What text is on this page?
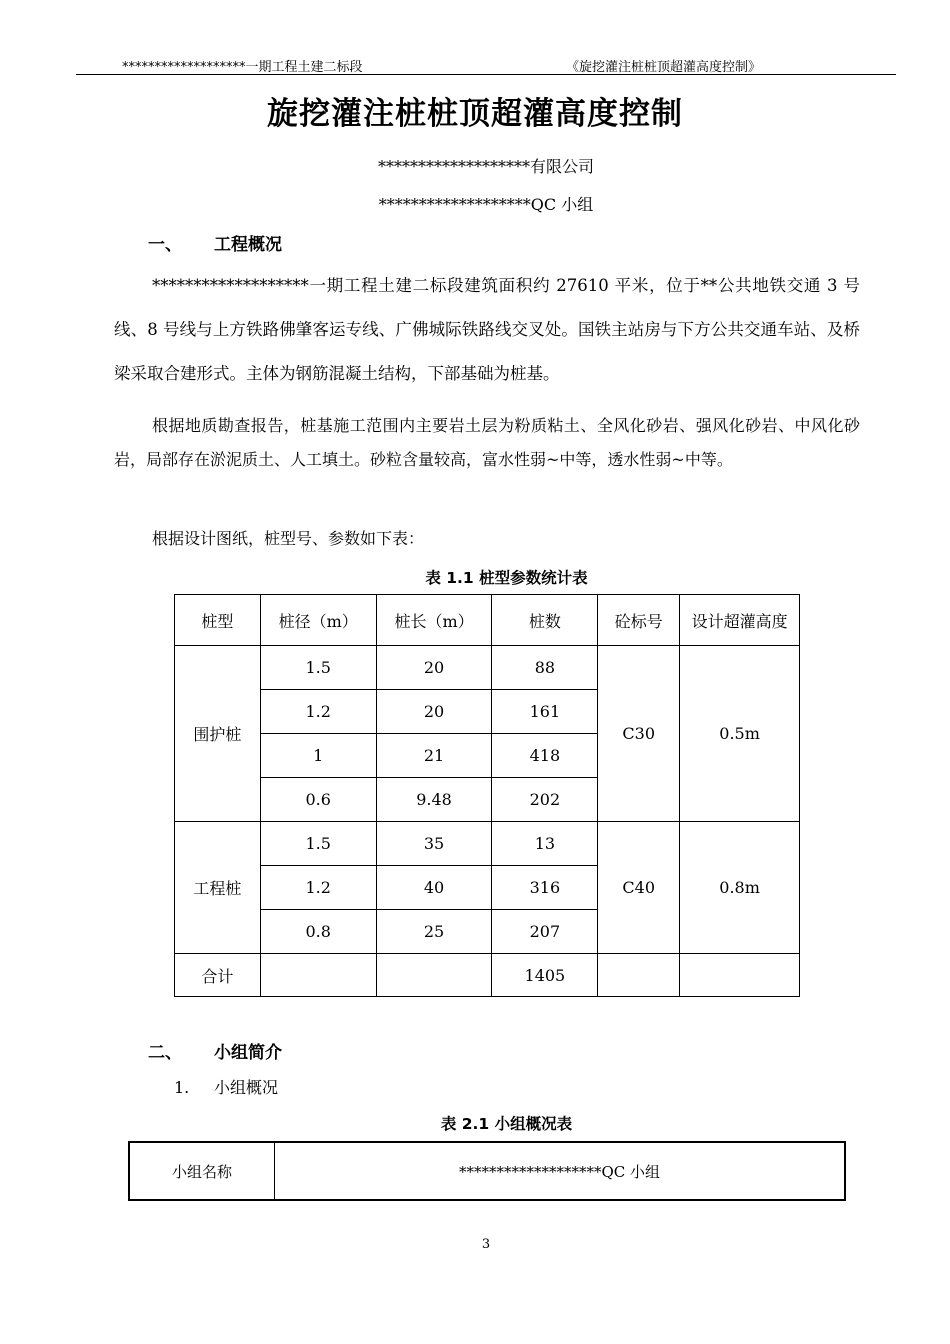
*******************一期工程土建二标段	《旋挖灌注桩桩顶超灌高度控制》
旋挖灌注桩桩顶超灌高度控制
*******************有限公司
*******************QC 小组
一、 工程概况

*******************一期工程土建二标段建筑面积约 27610 平米，位于**公共地铁交通 3 号线、8 号线与上方铁路佛肇客运专线、广佛城际铁路线交叉处。国铁主站房与下方公共交通车站、及桥梁采取合建形式。主体为钢筋混凝土结构，下部基础为桩基。

根据地质勘查报告，桩基施工范围内主要岩土层为粉质粘土、全风化砂岩、强风化砂岩、中风化砂岩，局部存在淤泥质土、人工填土。砂粒含量较高，富水性弱~中等，透水性弱~中等。

根据设计图纸，桩型号、参数如下表：

表 1.1 桩型参数统计表
桩型	桩径（m）	桩长（m）	桩数	砼标号	设计超灌高度
围护桩	1.5	20	88	C30	0.5m
	1.2	20	161		
	1	21	418		
	0.6	9.48	202		
工程桩	1.5	35	13	C40	0.8m
	1.2	40	316		
	0.8	25	207		
合计			1405		
二、 小组简介
1. 小组概况
表 2.1 小组概况表
小组名称	*******************QC 小组
3
